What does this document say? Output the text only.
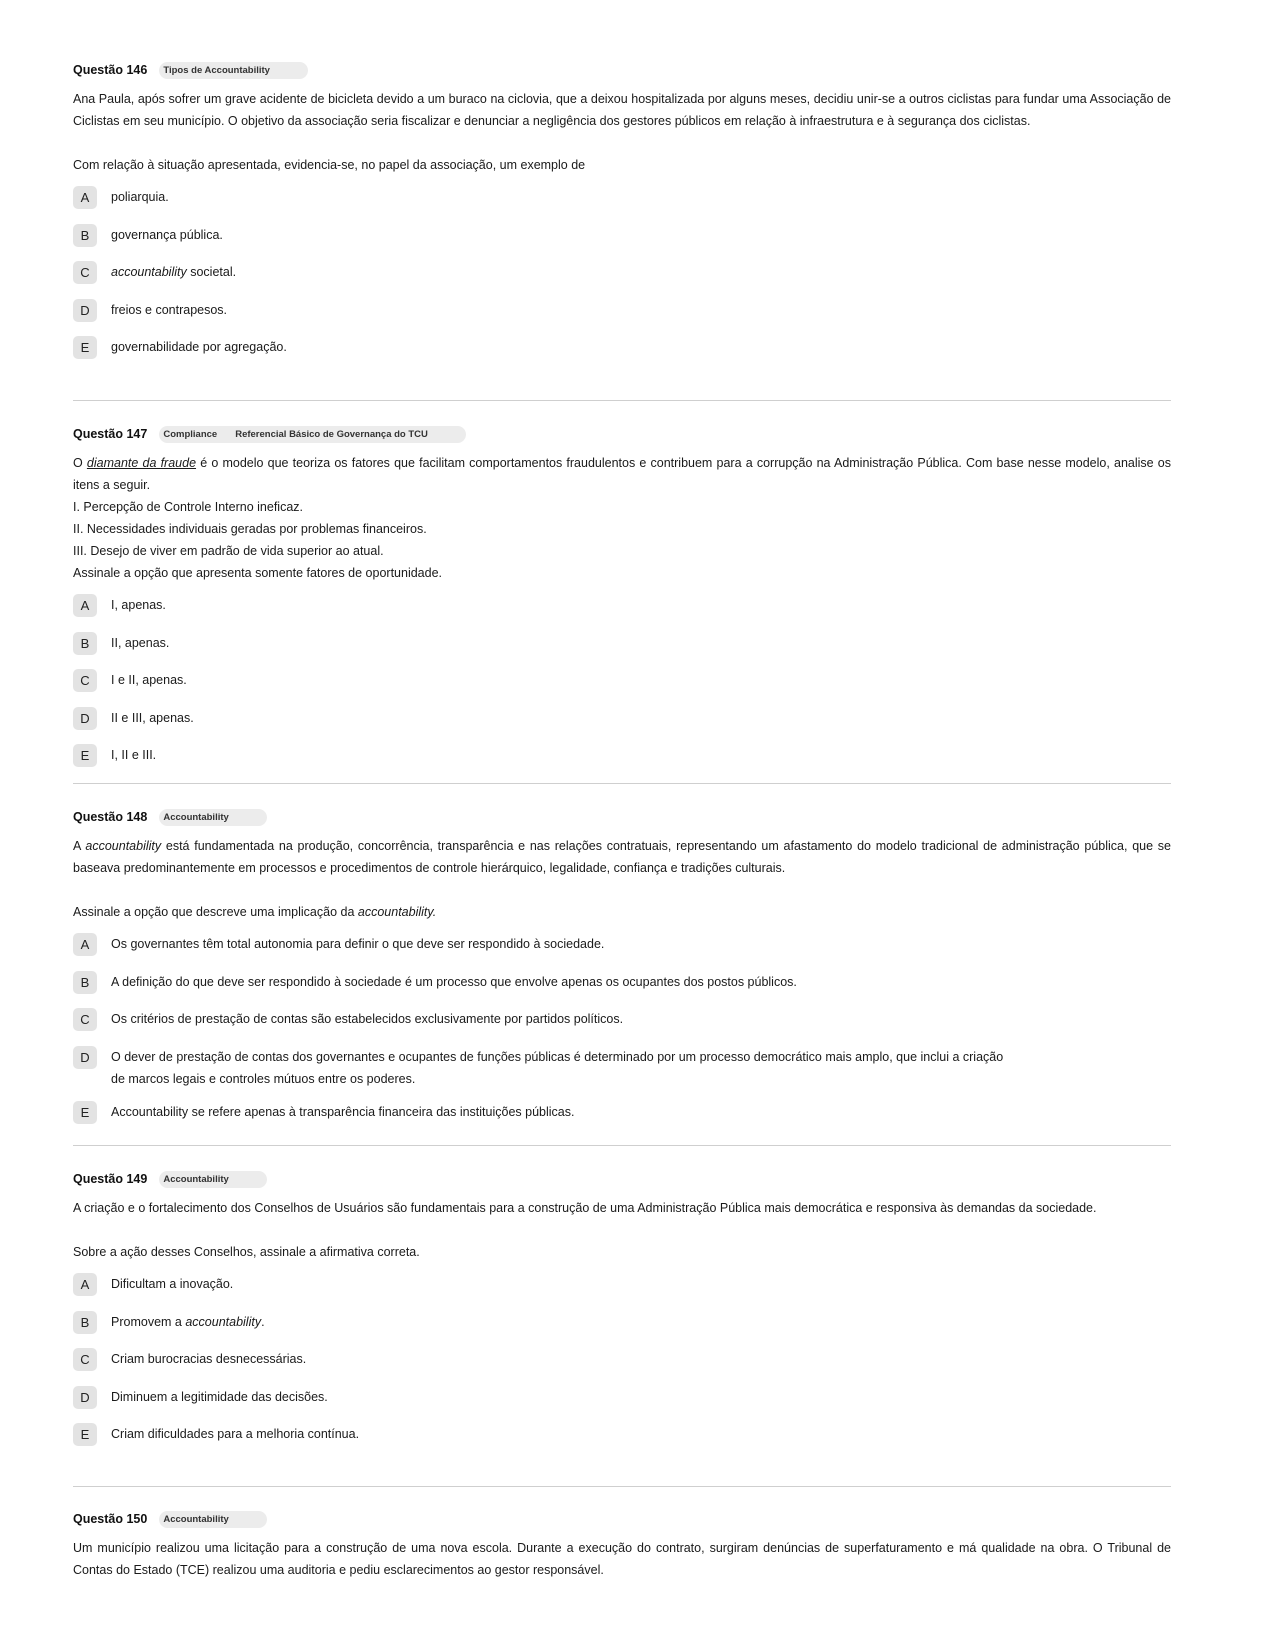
Questão 146 Tipos de Accountability

Ana Paula, após sofrer um grave acidente de bicicleta devido a um buraco na ciclovia, que a deixou hospitalizada por alguns meses, decidiu unir-se a outros ciclistas para fundar uma Associação de Ciclistas em seu município. O objetivo da associação seria fiscalizar e denunciar a negligência dos gestores públicos em relação à infraestrutura e à segurança dos ciclistas.

Com relação à situação apresentada, evidencia-se, no papel da associação, um exemplo de

A	poliarquia.
B	governança pública.
C	accountability societal.
D	freios e contrapesos.
E	governabilidade por agregação.
Questão 147 Compliance Referencial Básico de Governança do TCU

O diamante da fraude é o modelo que teoriza os fatores que facilitam comportamentos fraudulentos e contribuem para a corrupção na Administração Pública. Com base nesse modelo, analise os itens a seguir.

I. Percepção de Controle Interno ineficaz.

II. Necessidades individuais geradas por problemas financeiros.

III. Desejo de viver em padrão de vida superior ao atual.

Assinale a opção que apresenta somente fatores de oportunidade.

A	I, apenas.
B	II, apenas.
C	I e II, apenas.
D	II e III, apenas.
E	I, II e III.
Questão 148 Accountability

A accountability está fundamentada na produção, concorrência, transparência e nas relações contratuais, representando um afastamento do modelo tradicional de administração pública, que se baseava predominantemente em processos e procedimentos de controle hierárquico, legalidade, confiança e tradições culturais.

Assinale a opção que descreve uma implicação da accountability.

A	Os governantes têm total autonomia para definir o que deve ser respondido à sociedade.
B	A definição do que deve ser respondido à sociedade é um processo que envolve apenas os ocupantes dos postos públicos.
C	Os critérios de prestação de contas são estabelecidos exclusivamente por partidos políticos.
D	O dever de prestação de contas dos governantes e ocupantes de funções públicas é determinado por um processo democrático mais amplo, que inclui a criação
de marcos legais e controles mútuos entre os poderes.
E	Accountability se refere apenas à transparência financeira das instituições públicas.
Questão 149 Accountability

A criação e o fortalecimento dos Conselhos de Usuários são fundamentais para a construção de uma Administração Pública mais democrática e responsiva às demandas da sociedade.

Sobre a ação desses Conselhos, assinale a afirmativa correta.

A	Dificultam a inovação.
B	Promovem a accountability.
C	Criam burocracias desnecessárias.
D	Diminuem a legitimidade das decisões.
E	Criam dificuldades para a melhoria contínua.
Questão 150 Accountability

Um município realizou uma licitação para a construção de uma nova escola. Durante a execução do contrato, surgiram denúncias de superfaturamento e má qualidade na obra. O Tribunal de Contas do Estado (TCE) realizou uma auditoria e pediu esclarecimentos ao gestor responsável.
